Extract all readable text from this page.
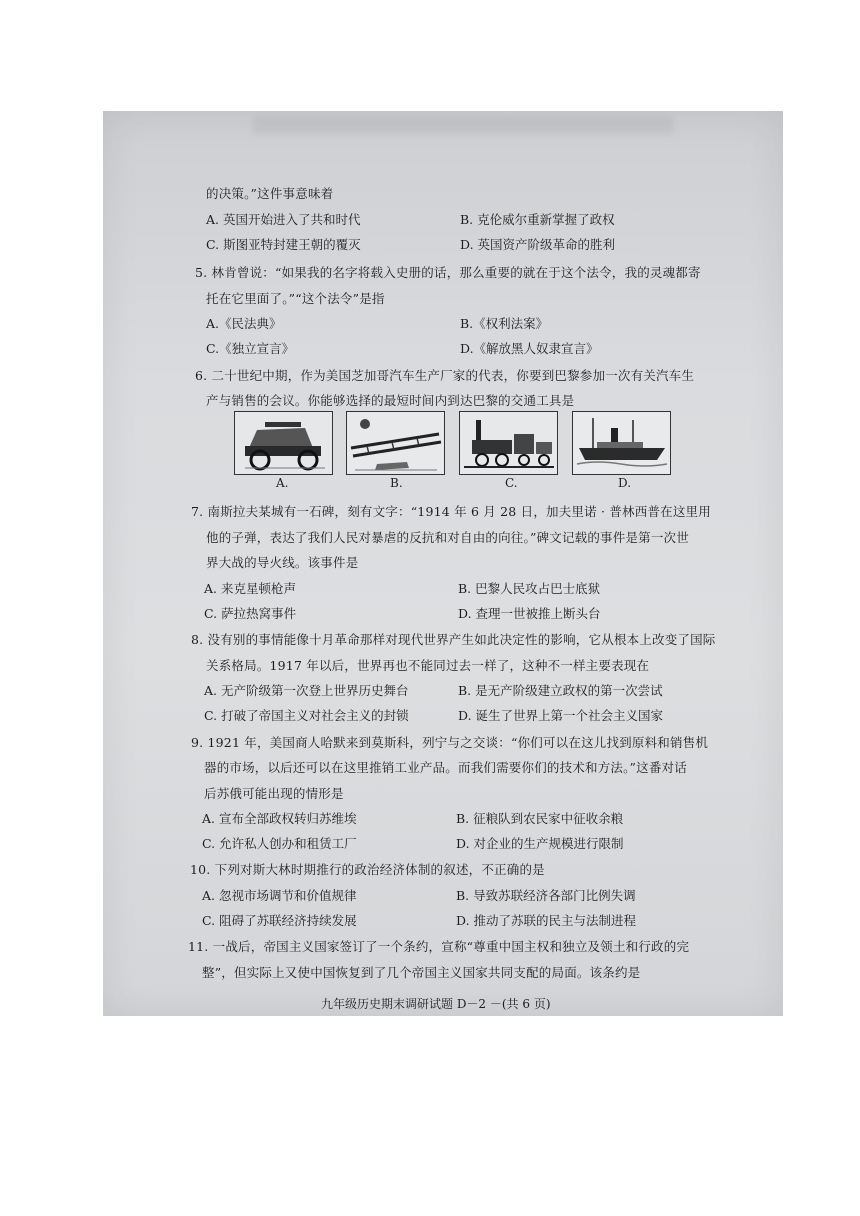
的决策。”这件事意味着
A. 英国开始进入了共和时代	B. 克伦威尔重新掌握了政权
C. 斯图亚特封建王朝的覆灭	D. 英国资产阶级革命的胜利
5. 林肯曾说：“如果我的名字将载入史册的话，那么重要的就在于这个法令，我的灵魂都寄
托在它里面了。”“这个法令”是指
A.《民法典》	B.《权利法案》
C.《独立宣言》	D.《解放黑人奴隶宣言》
6. 二十世纪中期，作为美国芝加哥汽车生产厂家的代表，你要到巴黎参加一次有关汽车生
产与销售的会议。你能够选择的最短时间内到达巴黎的交通工具是
A.	B.	C.	D.
7. 南斯拉夫某城有一石碑，刻有文字：“1914 年 6 月 28 日，加夫里诺 · 普林西普在这里用
他的子弹，表达了我们人民对暴虐的反抗和对自由的向往。”碑文记载的事件是第一次世
界大战的导火线。该事件是
A. 来克星顿枪声	B. 巴黎人民攻占巴士底狱
C. 萨拉热窝事件	D. 查理一世被推上断头台
8. 没有别的事情能像十月革命那样对现代世界产生如此决定性的影响，它从根本上改变了国际
关系格局。1917 年以后，世界再也不能同过去一样了，这种不一样主要表现在
A. 无产阶级第一次登上世界历史舞台	B. 是无产阶级建立政权的第一次尝试
C. 打破了帝国主义对社会主义的封锁	D. 诞生了世界上第一个社会主义国家
9. 1921 年，美国商人哈默来到莫斯科，列宁与之交谈：“你们可以在这儿找到原料和销售机
器的市场，以后还可以在这里推销工业产品。而我们需要你们的技术和方法。”这番对话
后苏俄可能出现的情形是
A. 宣布全部政权转归苏维埃	B. 征粮队到农民家中征收余粮
C. 允许私人创办和租赁工厂	D. 对企业的生产规模进行限制
10. 下列对斯大林时期推行的政治经济体制的叙述，不正确的是
A. 忽视市场调节和价值规律	B. 导致苏联经济各部门比例失调
C. 阻碍了苏联经济持续发展	D. 推动了苏联的民主与法制进程
11. 一战后，帝国主义国家签订了一个条约，宣称“尊重中国主权和独立及领土和行政的完
整”，但实际上又使中国恢复到了几个帝国主义国家共同支配的局面。该条约是
九年级历史期末调研试题 D－2 －(共 6 页)
